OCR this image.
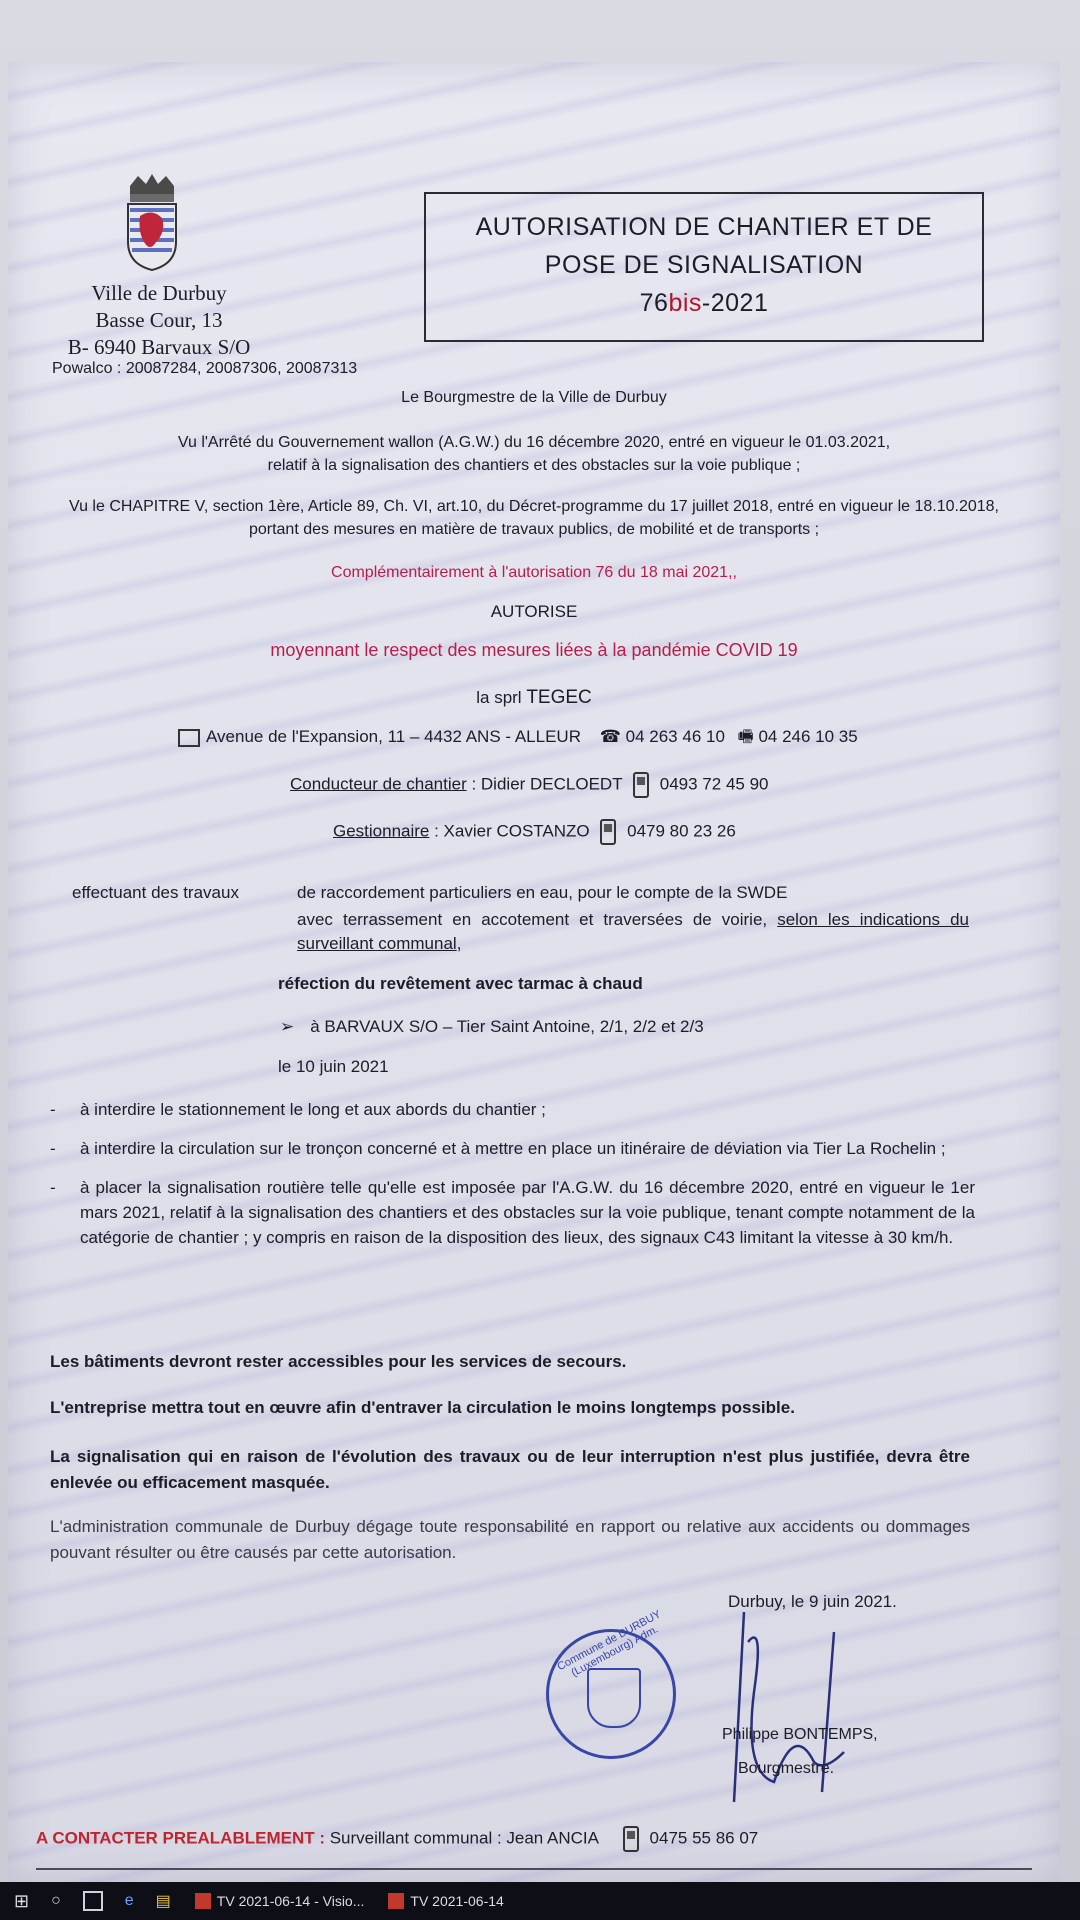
Ville de Durbuy
Basse Cour, 13
B- 6940 Barvaux S/O
AUTORISATION DE CHANTIER ET DE
POSE DE SIGNALISATION
76bis-2021
Powalco : 20087284, 20087306, 20087313
Le Bourgmestre de la Ville de Durbuy
Vu l'Arrêté du Gouvernement wallon (A.G.W.) du 16 décembre 2020, entré en vigueur le 01.03.2021,
relatif à la signalisation des chantiers et des obstacles sur la voie publique ;
Vu le CHAPITRE V, section 1ère, Article 89, Ch. VI, art.10, du Décret-programme du 17 juillet 2018, entré en vigueur le 18.10.2018,
portant des mesures en matière de travaux publics, de mobilité et de transports ;
Complémentairement à l'autorisation 76 du 18 mai 2021,,
AUTORISE
moyennant le respect des mesures liées à la pandémie COVID 19
la sprl TEGEC
Avenue de l'Expansion, 11 – 4432 ANS - ALLEUR ☎ 04 263 46 10 🖷 04 246 10 35
Conducteur de chantier : Didier DECLOEDT 0493 72 45 90
Gestionnaire : Xavier COSTANZO 0479 80 23 26
effectuant des travaux	de raccordement particuliers en eau, pour le compte de la SWDE
avec terrassement en accotement et traversées de voirie, selon les indications du surveillant communal,
réfection du revêtement avec tarmac à chaud
➢ à BARVAUX S/O – Tier Saint Antoine, 2/1, 2/2 et 2/3
le 10 juin 2021
-	à interdire le stationnement le long et aux abords du chantier ;
-	à interdire la circulation sur le tronçon concerné et à mettre en place un itinéraire de déviation via Tier La Rochelin ;
-	à placer la signalisation routière telle qu'elle est imposée par l'A.G.W. du 16 décembre 2020, entré en vigueur le 1er mars 2021, relatif à la signalisation des chantiers et des obstacles sur la voie publique, tenant compte notamment de la catégorie de chantier ; y compris en raison de la disposition des lieux, des signaux C43 limitant la vitesse à 30 km/h.
Les bâtiments devront rester accessibles pour les services de secours.
L'entreprise mettra tout en œuvre afin d'entraver la circulation le moins longtemps possible.
La signalisation qui en raison de l'évolution des travaux ou de leur interruption n'est plus justifiée, devra être enlevée ou efficacement masquée.
L'administration communale de Durbuy dégage toute responsabilité en rapport ou relative aux accidents ou dommages pouvant résulter ou être causés par cette autorisation.
Commune de DURBUY (Luxembourg) Adm.
Durbuy, le 9 juin 2021.
Philippe BONTEMPS,
Bourgmestre.
A CONTACTER PREALABLEMENT : Surveillant communal : Jean ANCIA	0475 55 86 07
⊞ ○	e ▤	TV 2021-06-14 - Visio...	TV 2021-06-14
